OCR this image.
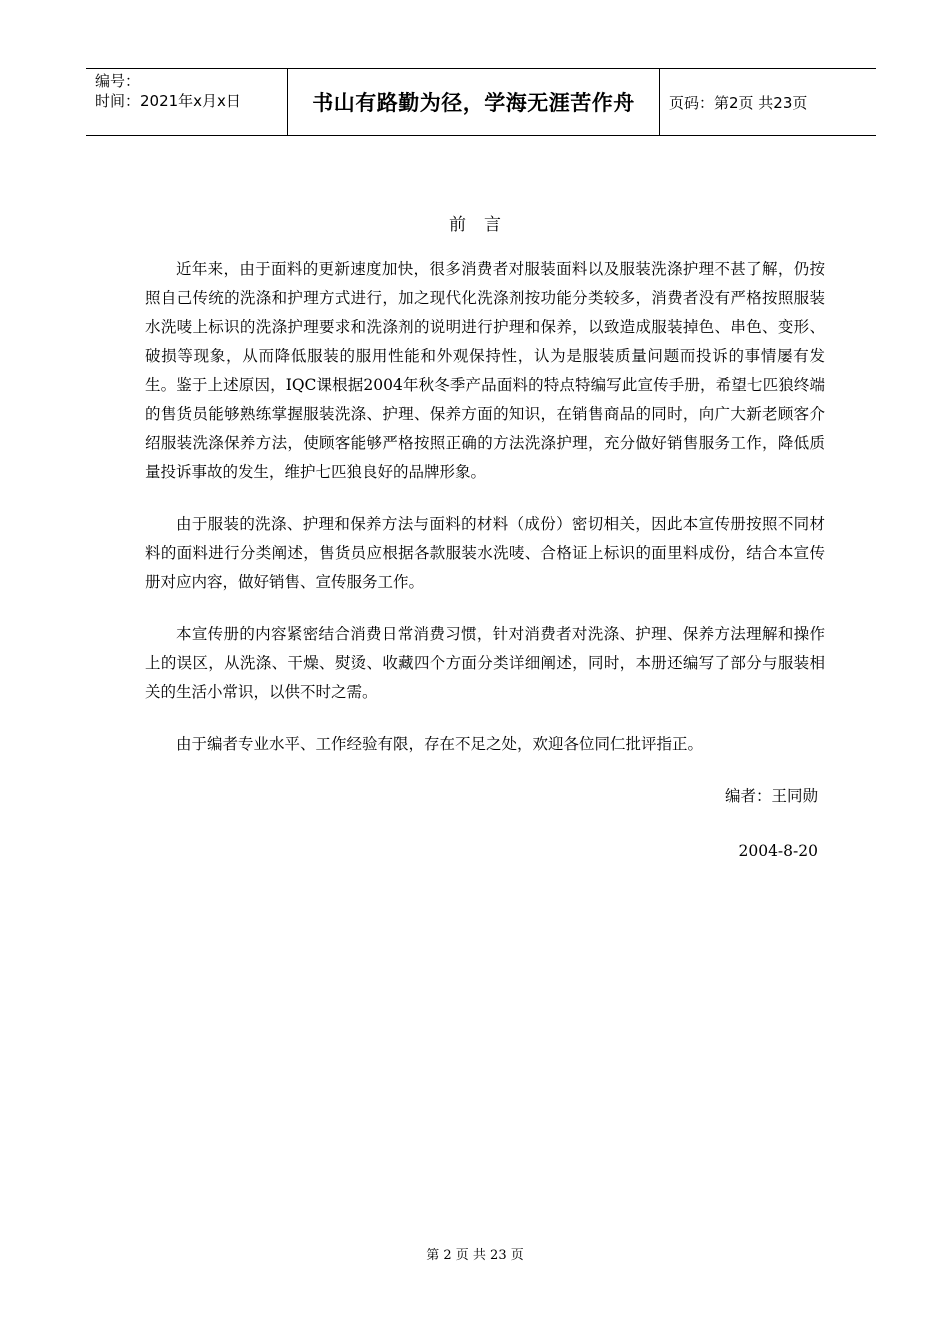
编号：
时间：2021年x月x日	书山有路勤为径，学海无涯苦作舟	页码：第2页 共23页
前言

近年来，由于面料的更新速度加快，很多消费者对服装面料以及服装洗涤护理不甚了解，仍按照自己传统的洗涤和护理方式进行，加之现代化洗涤剂按功能分类较多，消费者没有严格按照服装水洗唛上标识的洗涤护理要求和洗涤剂的说明进行护理和保养，以致造成服装掉色、串色、变形、破损等现象，从而降低服装的服用性能和外观保持性，认为是服装质量问题而投诉的事情屡有发生。鉴于上述原因，IQC课根据2004年秋冬季产品面料的特点特编写此宣传手册，希望七匹狼终端的售货员能够熟练掌握服装洗涤、护理、保养方面的知识，在销售商品的同时，向广大新老顾客介绍服装洗涤保养方法，使顾客能够严格按照正确的方法洗涤护理，充分做好销售服务工作，降低质量投诉事故的发生，维护七匹狼良好的品牌形象。

由于服装的洗涤、护理和保养方法与面料的材料（成份）密切相关，因此本宣传册按照不同材料的面料进行分类阐述，售货员应根据各款服装水洗唛、合格证上标识的面里料成份，结合本宣传册对应内容，做好销售、宣传服务工作。

本宣传册的内容紧密结合消费日常消费习惯，针对消费者对洗涤、护理、保养方法理解和操作上的误区，从洗涤、干燥、熨烫、收藏四个方面分类详细阐述，同时，本册还编写了部分与服装相关的生活小常识，以供不时之需。

由于编者专业水平、工作经验有限，存在不足之处，欢迎各位同仁批评指正。

编者：王同勋
2004-8-20
第 2 页 共 23 页
